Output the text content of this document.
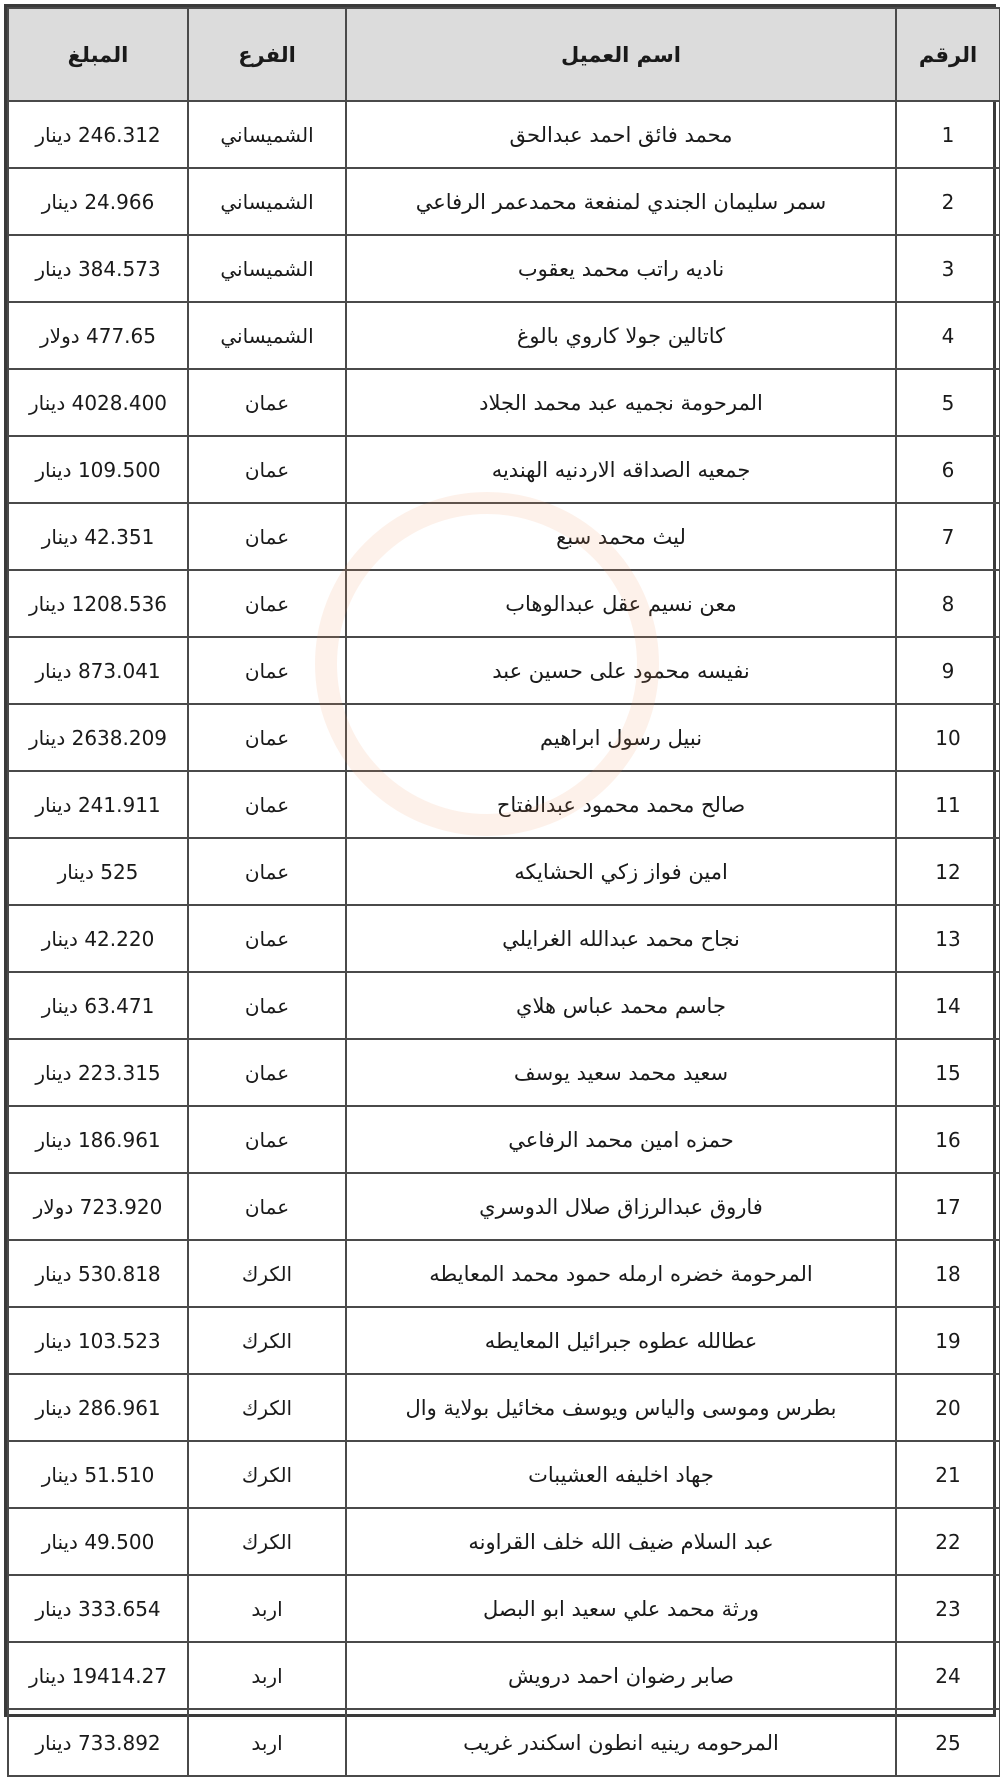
الرقم	اسم العميل	الفرع	المبلغ
1	محمد فائق احمد عبدالحق	الشميساني	246.312 دينار
2	سمر سليمان الجندي لمنفعة محمدعمر الرفاعي	الشميساني	24.966 دينار
3	ناديه راتب محمد يعقوب	الشميساني	384.573 دينار
4	كاتالين جولا كاروي بالوغ	الشميساني	477.65 دولار
5	المرحومة نجميه عبد محمد الجلاد	عمان	4028.400 دينار
6	جمعيه الصداقه الاردنيه الهنديه	عمان	109.500 دينار
7	ليث محمد سبع	عمان	42.351 دينار
8	معن نسيم عقل عبدالوهاب	عمان	1208.536 دينار
9	نفيسه محمود على حسين عبد	عمان	873.041 دينار
10	نبيل رسول ابراهيم	عمان	2638.209 دينار
11	صالح محمد محمود عبدالفتاح	عمان	241.911 دينار
12	امين فواز زكي الحشايكه	عمان	525 دينار
13	نجاح محمد عبدالله الغرايلي	عمان	42.220 دينار
14	جاسم محمد عباس هلاي	عمان	63.471 دينار
15	سعيد محمد سعيد يوسف	عمان	223.315 دينار
16	حمزه امين محمد الرفاعي	عمان	186.961 دينار
17	فاروق عبدالرزاق صلال الدوسري	عمان	723.920 دولار
18	المرحومة خضره ارمله حمود محمد المعايطه	الكرك	530.818 دينار
19	عطالله عطوه جبرائيل المعايطه	الكرك	103.523 دينار
20	بطرس وموسى والياس ويوسف مخائيل بولاية وال	الكرك	286.961 دينار
21	جهاد اخليفه العشيبات	الكرك	51.510 دينار
22	عبد السلام ضيف الله خلف القراونه	الكرك	49.500 دينار
23	ورثة محمد علي سعيد ابو البصل	اربد	333.654 دينار
24	صابر رضوان احمد درويش	اربد	19414.27 دينار
25	المرحومه رينيه انطون اسكندر غريب	اربد	733.892 دينار
